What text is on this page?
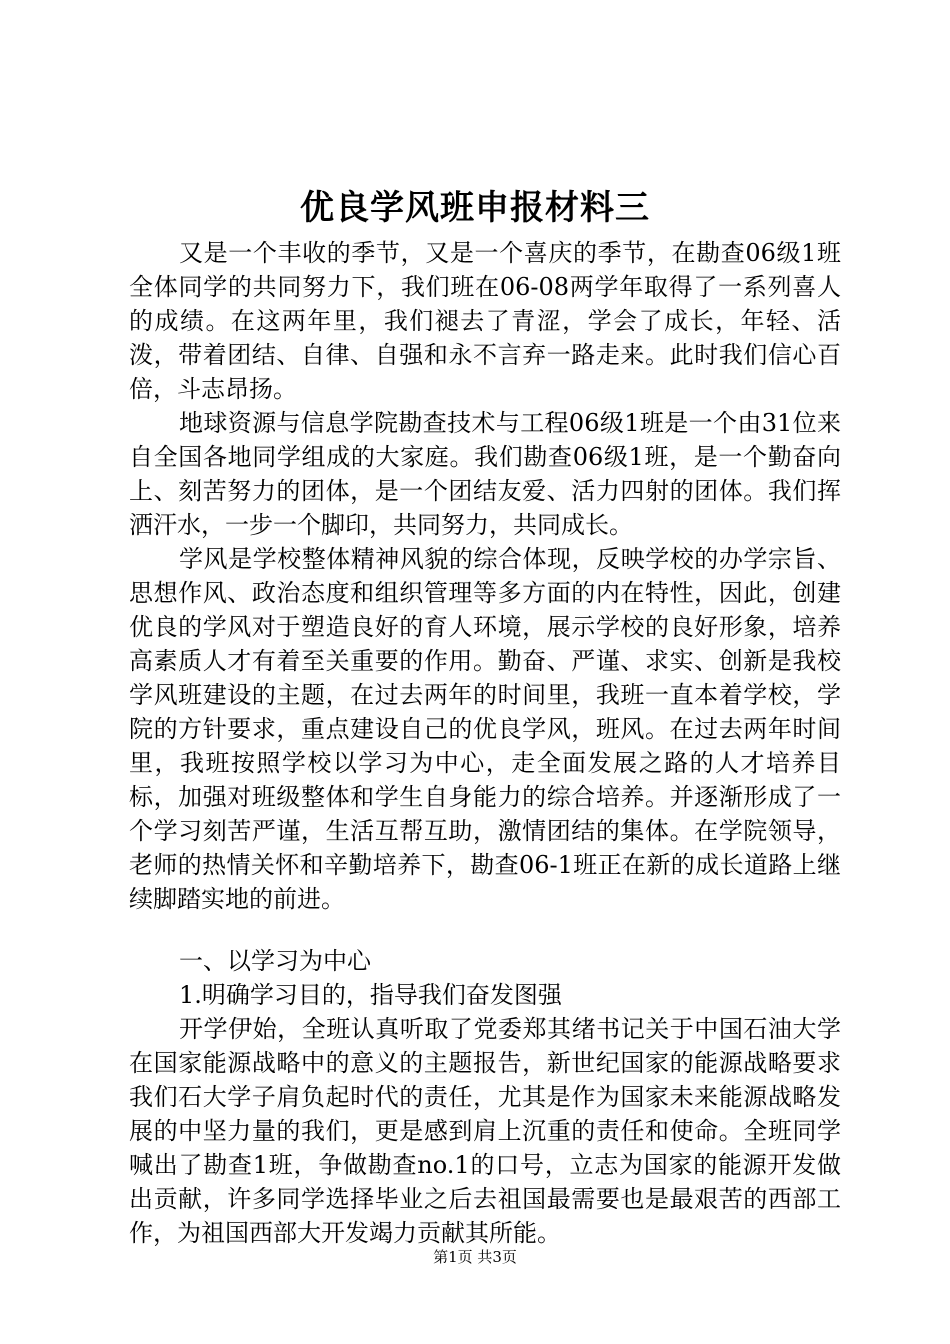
优良学风班申报材料三

又是一个丰收的季节，又是一个喜庆的季节，在勘查06级1班全体同学的共同努力下，我们班在06-08两学年取得了一系列喜人的成绩。在这两年里，我们褪去了青涩，学会了成长，年轻、活泼，带着团结、自律、自强和永不言弃一路走来。此时我们信心百倍，斗志昂扬。

地球资源与信息学院勘查技术与工程06级1班是一个由31位来自全国各地同学组成的大家庭。我们勘查06级1班，是一个勤奋向上、刻苦努力的团体，是一个团结友爱、活力四射的团体。我们挥洒汗水，一步一个脚印，共同努力，共同成长。

学风是学校整体精神风貌的综合体现，反映学校的办学宗旨、思想作风、政治态度和组织管理等多方面的内在特性，因此，创建优良的学风对于塑造良好的育人环境，展示学校的良好形象，培养高素质人才有着至关重要的作用。勤奋、严谨、求实、创新是我校学风班建设的主题，在过去两年的时间里，我班一直本着学校，学院的方针要求，重点建设自己的优良学风，班风。在过去两年时间里，我班按照学校以学习为中心，走全面发展之路的人才培养目标，加强对班级整体和学生自身能力的综合培养。并逐渐形成了一个学习刻苦严谨，生活互帮互助，激情团结的集体。在学院领导，老师的热情关怀和辛勤培养下，勘查06-1班正在新的成长道路上继续脚踏实地的前进。

一、以学习为中心

1.明确学习目的，指导我们奋发图强

开学伊始，全班认真听取了党委郑其绪书记关于中国石油大学在国家能源战略中的意义的主题报告，新世纪国家的能源战略要求我们石大学子肩负起时代的责任，尤其是作为国家未来能源战略发展的中坚力量的我们，更是感到肩上沉重的责任和使命。全班同学喊出了勘查1班，争做勘查no.1的口号，立志为国家的能源开发做出贡献，许多同学选择毕业之后去祖国最需要也是最艰苦的西部工作，为祖国西部大开发竭力贡献其所能。

第1页 共3页
